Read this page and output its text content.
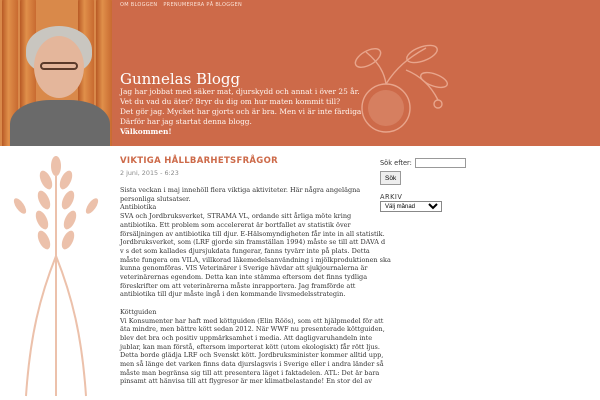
OM BLOGGEN PRENUMERERA PÅ BLOGGEN
Gunnelas Blogg
Jag har jobbat med säker mat, djurskydd och annat i över 25 år.
Vet du vad du äter? Bryr du dig om hur maten kommit till?
Det gör jag. Mycket har gjorts och är bra. Men vi är inte färdiga.
Därför har jag startat denna blogg.
Välkommen!
VIKTIGA HÅLLBARHETSFRÅGOR
2 juni, 2015 - 6:23
Sista veckan i maj innehöll flera viktiga aktiviteter. Här några angelägna
personliga slutsatser.
Antibiotika
SVA och Jordbruksverket, STRAMA VL, ordande sitt årliga möte kring
antibiotika. Ett problem som accelererat är bortfallet av statistik över
försäljningen av antibiotika till djur. E-Hälsomyndigheten får inte in all statistik.
Jordbruksverket, som (LRF gjorde sin framställan 1994) måste se till att DAVA d
v s det som kallades djursjukdata fungerar, fanns tyvärr inte på plats. Detta
måste fungera om VILA, villkorad läkemedelsanvändning i mjölkproduktionen ska
kunna genomföras. VIS Veterinärer i Sverige hävdar att sjukjournalerna är
veterinärernas egendom. Detta kan inte stämma eftersom det finns tydliga
föreskrifter om att veterinärerna måste inrapportera. Jag framförde att
antibiotika till djur måste ingå i den kommande livsmedelsstrategin.
Köttguiden
Vi Konsumenter har haft med köttguiden (Elin Röös), som ett hjälpmedel för att
äta mindre, men bättre kött sedan 2012. När WWF nu presenterade köttguiden,
blev det bra och positiv uppmärksamhet i media. Att dagligvaruhandeln inte
jublar, kan man förstå, eftersom importerat kött (utom ekologiskt) får rött ljus.
Detta borde glädja LRF och Svenskt kött. Jordbruksminister kommer alltid upp,
men så länge det varken finns data djurslagsvis i Sverige eller i andra länder så
måste man begränsa sig till att presentera läget i faktadelen. ATL: Det är bara
pinsamt att hänvisa till att flygresor är mer klimatbelastande! En stor del av
Sök efter:
Sök
ARKIV
Välj månad
